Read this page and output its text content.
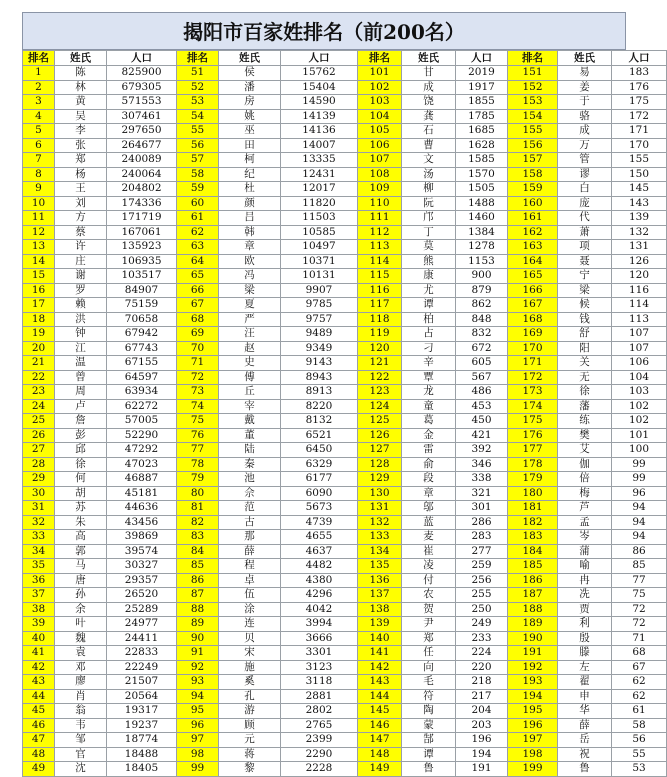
揭阳市百家姓排名（前200名）
排名	姓氏	人口	排名	姓氏	人口	排名	姓氏	人口	排名	姓氏	人口
1	陈	825900	51	侯	15762	101	甘	2019	151	易	183
2	林	679305	52	潘	15404	102	成	1917	152	姜	176
3	黄	571553	53	房	14590	103	饶	1855	153	于	175
4	吴	307461	54	姚	14139	104	龚	1785	154	骆	172
5	李	297650	55	巫	14136	105	石	1685	155	成	171
6	张	264677	56	田	14007	106	曹	1628	156	万	170
7	郑	240089	57	柯	13335	107	文	1585	157	管	155
8	杨	240064	58	纪	12431	108	汤	1570	158	谬	150
9	王	204802	59	杜	12017	109	柳	1505	159	白	145
10	刘	174336	60	颜	11820	110	阮	1488	160	庞	143
11	方	171719	61	吕	11503	111	邝	1460	161	代	139
12	蔡	167061	62	韩	10585	112	丁	1384	162	萧	132
13	许	135923	63	章	10497	113	莫	1278	163	项	131
14	庄	106935	64	欧	10371	114	熊	1153	164	聂	126
15	谢	103517	65	冯	10131	115	康	900	165	宁	120
16	罗	84907	66	梁	9907	116	尤	879	166	梁	116
17	赖	75159	67	夏	9785	117	谭	862	167	候	114
18	洪	70658	68	严	9757	118	柏	848	168	钱	113
19	钟	67942	69	汪	9489	119	占	832	169	舒	107
20	江	67743	70	赵	9349	120	刁	672	170	阳	107
21	温	67155	71	史	9143	121	辛	605	171	关	106
22	曾	64597	72	傅	8943	122	覃	567	172	无	104
23	周	63934	73	丘	8913	123	龙	486	173	徐	103
24	卢	62272	74	宰	8220	124	童	453	174	藩	102
25	詹	57005	75	戴	8132	125	葛	450	175	练	102
26	彭	52290	76	董	6521	126	金	421	176	樊	101
27	邱	47292	77	陆	6450	127	雷	392	177	艾	100
28	徐	47023	78	秦	6329	128	俞	346	178	伽	99
29	何	46887	79	池	6177	129	段	338	179	倍	99
30	胡	45181	80	佘	6090	130	章	321	180	梅	96
31	苏	44636	81	范	5673	131	邬	301	181	芦	94
32	朱	43456	82	古	4739	132	蓝	286	182	孟	94
33	高	39869	83	那	4655	133	麦	283	183	岑	94
34	郭	39574	84	薛	4637	134	崔	277	184	蒲	86
35	马	30327	85	程	4482	135	凌	259	185	喻	85
36	唐	29357	86	卓	4380	136	付	256	186	冉	77
37	孙	26520	87	伍	4296	137	农	255	187	冼	75
38	余	25289	88	涂	4042	138	贺	250	188	贾	72
39	叶	24977	89	连	3994	139	尹	249	189	利	72
40	魏	24411	90	贝	3666	140	郑	233	190	殷	71
41	袁	22833	91	宋	3301	141	任	224	191	滕	68
42	邓	22249	92	施	3123	142	向	220	192	左	67
43	廖	21507	93	奚	3118	143	毛	218	193	翟	62
44	肖	20564	94	孔	2881	144	符	217	194	申	62
45	翁	19317	95	游	2802	145	陶	204	195	华	61
46	韦	19237	96	顾	2765	146	蒙	203	196	薛	58
47	邹	18774	97	元	2399	147	郜	196	197	岳	56
48	官	18488	98	蒋	2290	148	谭	194	198	祝	55
49	沈	18405	99	黎	2228	149	鲁	191	199	鲁	53
